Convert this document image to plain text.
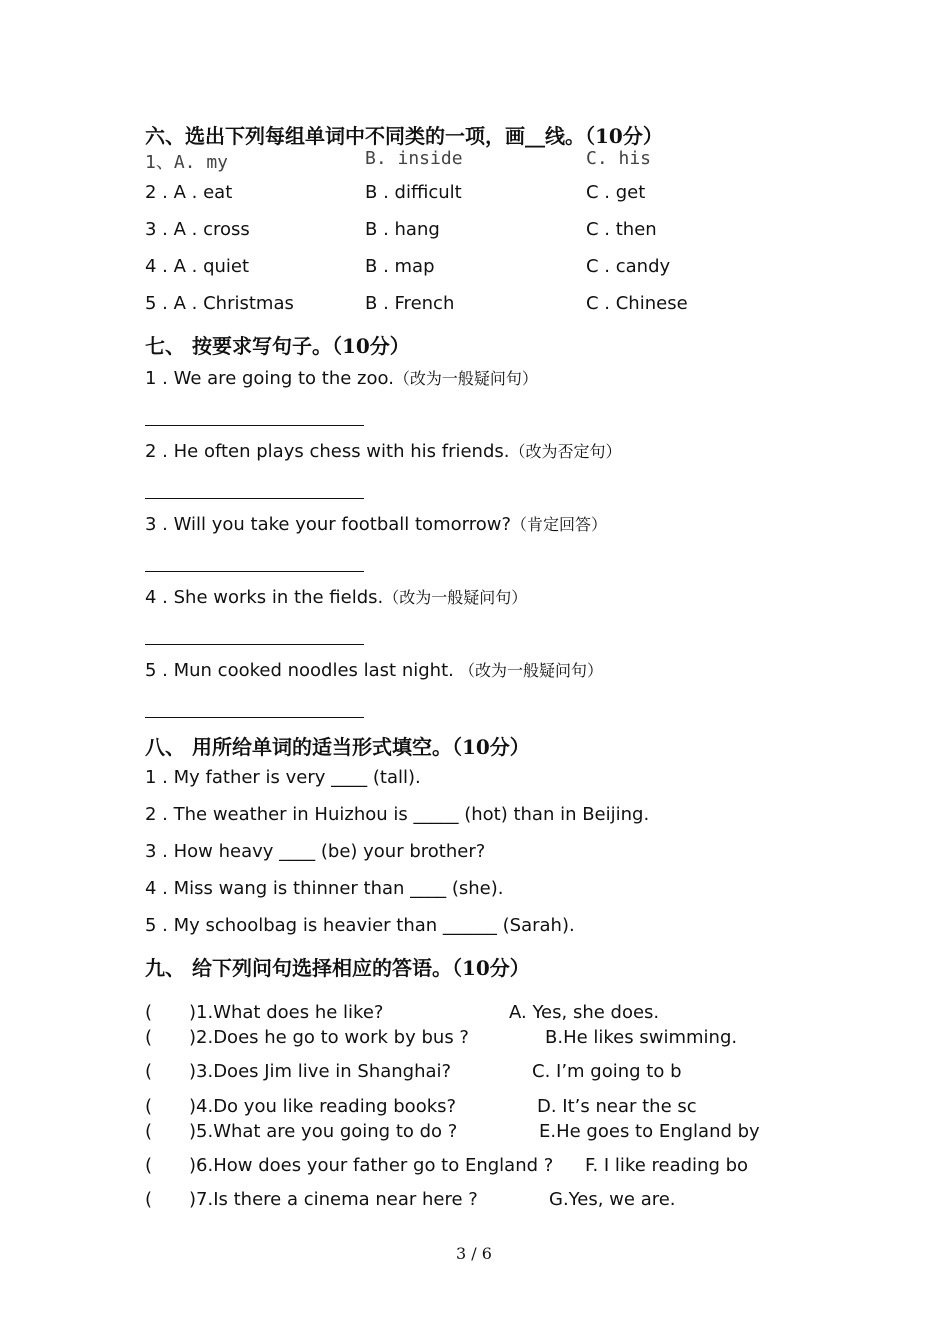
六、选出下列每组单词中不同类的一项，画__线。（10分）
1、A. my	B. inside	C. his
2 . A . eat	B . difficult	C . get
3 . A . cross	B . hang	C . then
4 . A . quiet	B . map	C . candy
5 . A . Christmas	B . French	C . Chinese
七、 按要求写句子。（10分）
1 . We are going to the zoo.（改为一般疑问句）
2 . He often plays chess with his friends.（改为否定句）
3 . Will you take your football tomorrow?（肯定回答）
4 . She works in the fields.（改为一般疑问句）
5 . Mun cooked noodles last night. （改为一般疑问句）
八、 用所给单词的适当形式填空。（10分）
1 . My father is very ____ (tall).
2 . The weather in Huizhou is _____ (hot) than in Beijing.
3 . How heavy ____ (be) your brother?
4 . Miss wang is thinner than ____ (she).
5 . My schoolbag is heavier than ______ (Sarah).
九、 给下列问句选择相应的答语。（10分）
( )1.What does he like?	A. Yes, she does.
( )2.Does he go to work by bus ?	B.He likes swimming.
( )3.Does Jim live in Shanghai?	C. I’m going to b
( )4.Do you like reading books?	D. It’s near the sc
( )5.What are you going to do ?	E.He goes to England by
( )6.How does your father go to England ? F. I like reading bo
( )7.Is there a cinema near here ?	G.Yes, we are.
3 / 6
